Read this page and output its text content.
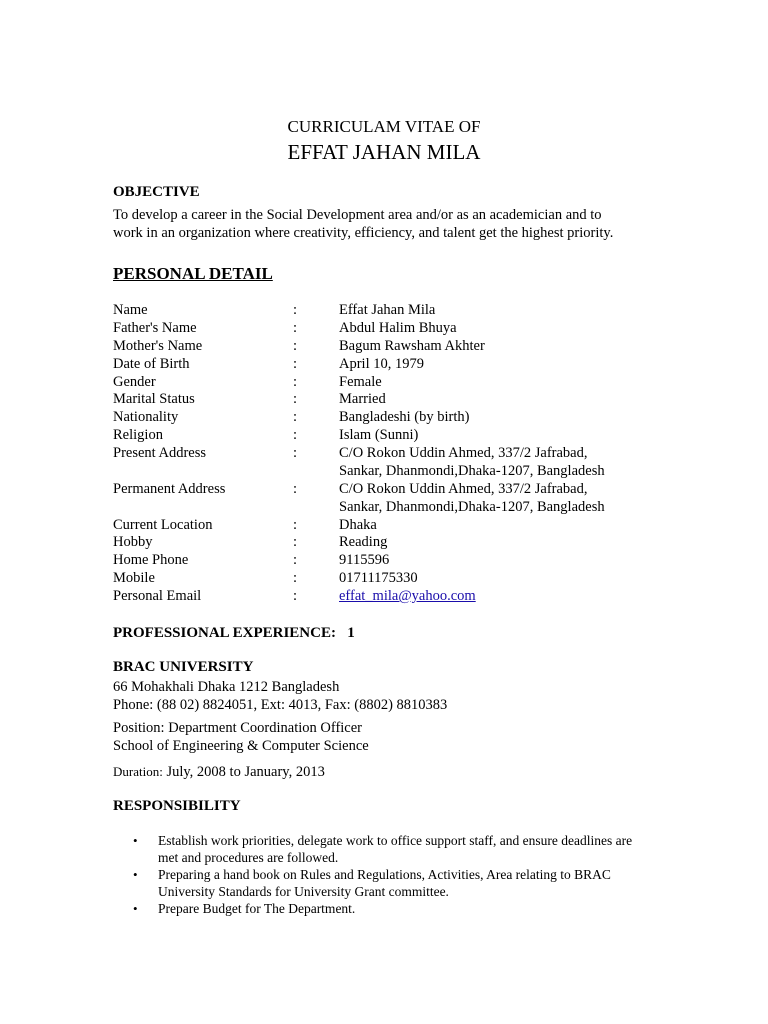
CURRICULAM VITAE OF
EFFAT JAHAN MILA
OBJECTIVE
To develop a career in the Social Development area and/or as an academician and to
work in an organization where creativity, efficiency, and talent get the highest priority.
PERSONAL DETAIL
Name	:	Effat Jahan Mila
Father's Name	:	Abdul Halim Bhuya
Mother's Name	:	Bagum Rawsham Akhter
Date of Birth	:	April 10, 1979
Gender	:	Female
Marital Status	:	Married
Nationality	:	Bangladeshi (by birth)
Religion	:	Islam (Sunni)
Present Address	:	C/O Rokon Uddin Ahmed, 337/2 Jafrabad,
Sankar, Dhanmondi,Dhaka-1207, Bangladesh
Permanent Address	:	C/O Rokon Uddin Ahmed, 337/2 Jafrabad,
Sankar, Dhanmondi,Dhaka-1207, Bangladesh
Current Location	:	Dhaka
Hobby	:	Reading
Home Phone	:	9115596
Mobile	:	01711175330
Personal Email	:	effat_mila@yahoo.com
PROFESSIONAL EXPERIENCE: 1
BRAC UNIVERSITY
66 Mohakhali Dhaka 1212 Bangladesh
Phone: (88 02) 8824051, Ext: 4013, Fax: (8802) 8810383
Position: Department Coordination Officer
School of Engineering & Computer Science
Duration: July, 2008 to January, 2013
RESPONSIBILITY
• Establish work priorities, delegate work to office support staff, and ensure deadlines are
met and procedures are followed.
• Preparing a hand book on Rules and Regulations, Activities, Area relating to BRAC
University Standards for University Grant committee.
• Prepare Budget for The Department.
